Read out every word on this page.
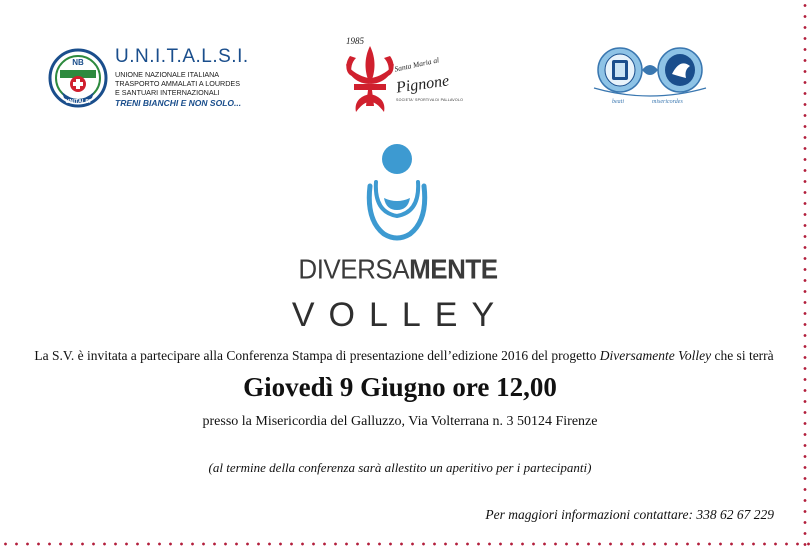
NB
UNITALSI
U.N.I.T.A.L.S.I.
UNIONE NAZIONALE ITALIANA
TRASPORTO AMMALATI A LOURDES
E SANTUARI INTERNAZIONALI
TRENI BIANCHI E NON SOLO...
1985
Santa Maria al
Pignone
SOCIETA' SPORTIVA DI PALLAVOLO	beati	misericordes
DIVERSAMENTE
VOLLEY
La S.V. è invitata a partecipare alla Conferenza Stampa di presentazione dell’edizione 2016 del progetto Diversamente Volley che si terrà
Giovedì 9 Giugno ore 12,00
presso la Misericordia del Galluzzo, Via Volterrana n. 3 50124 Firenze
(al termine della conferenza sarà allestito un aperitivo per i partecipanti)
Per maggiori informazioni contattare: 338 62 67 229
